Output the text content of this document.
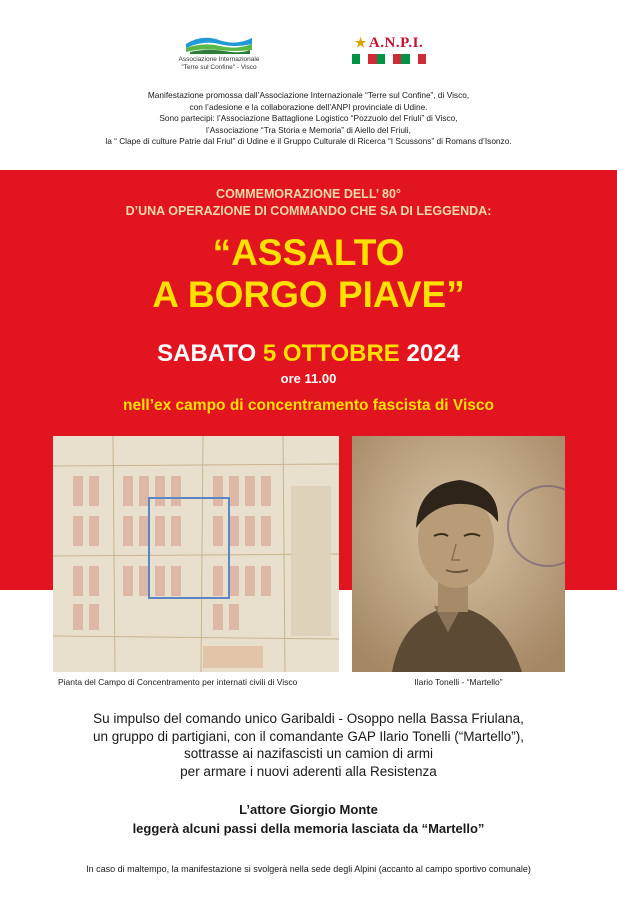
Associazione Internazionale
"Terre sul Confine" - Visco
★ A.N.P.I.
Manifestazione promossa dall’Associazione Internazionale “Terre sul Confine”, di Visco,
con l’adesione e la collaborazione dell’ANPI provinciale di Udine.
Sono partecipi: l’Associazione Battaglione Logistico “Pozzuolo del Friuli” di Visco,
l’Associazione “Tra Storia e Memoria” di Aiello del Friuli,
la “ Clape di culture Patrie dal Friul” di Udine e il Gruppo Culturale di Ricerca “I Scussons” di Romans d’Isonzo.
COMMEMORAZIONE DELL’ 80°
D’UNA OPERAZIONE DI COMMANDO CHE SA DI LEGGENDA:
“ASSALTO
A BORGO PIAVE”
SABATO 5 OTTOBRE 2024
ore 11.00
nell’ex campo di concentramento fascista di Visco
Pianta del Campo di Concentramento per internati civili di Visco	Ilario Tonelli - “Martello”
Su impulso del comando unico Garibaldi - Osoppo nella Bassa Friulana,
un gruppo di partigiani, con il comandante GAP Ilario Tonelli (“Martello”),
sottrasse ai nazifascisti un camion di armi
per armare i nuovi aderenti alla Resistenza
L’attore Giorgio Monte
leggerà alcuni passi della memoria lasciata da “Martello”
In caso di maltempo, la manifestazione si svolgerà nella sede degli Alpini (accanto al campo sportivo comunale)
